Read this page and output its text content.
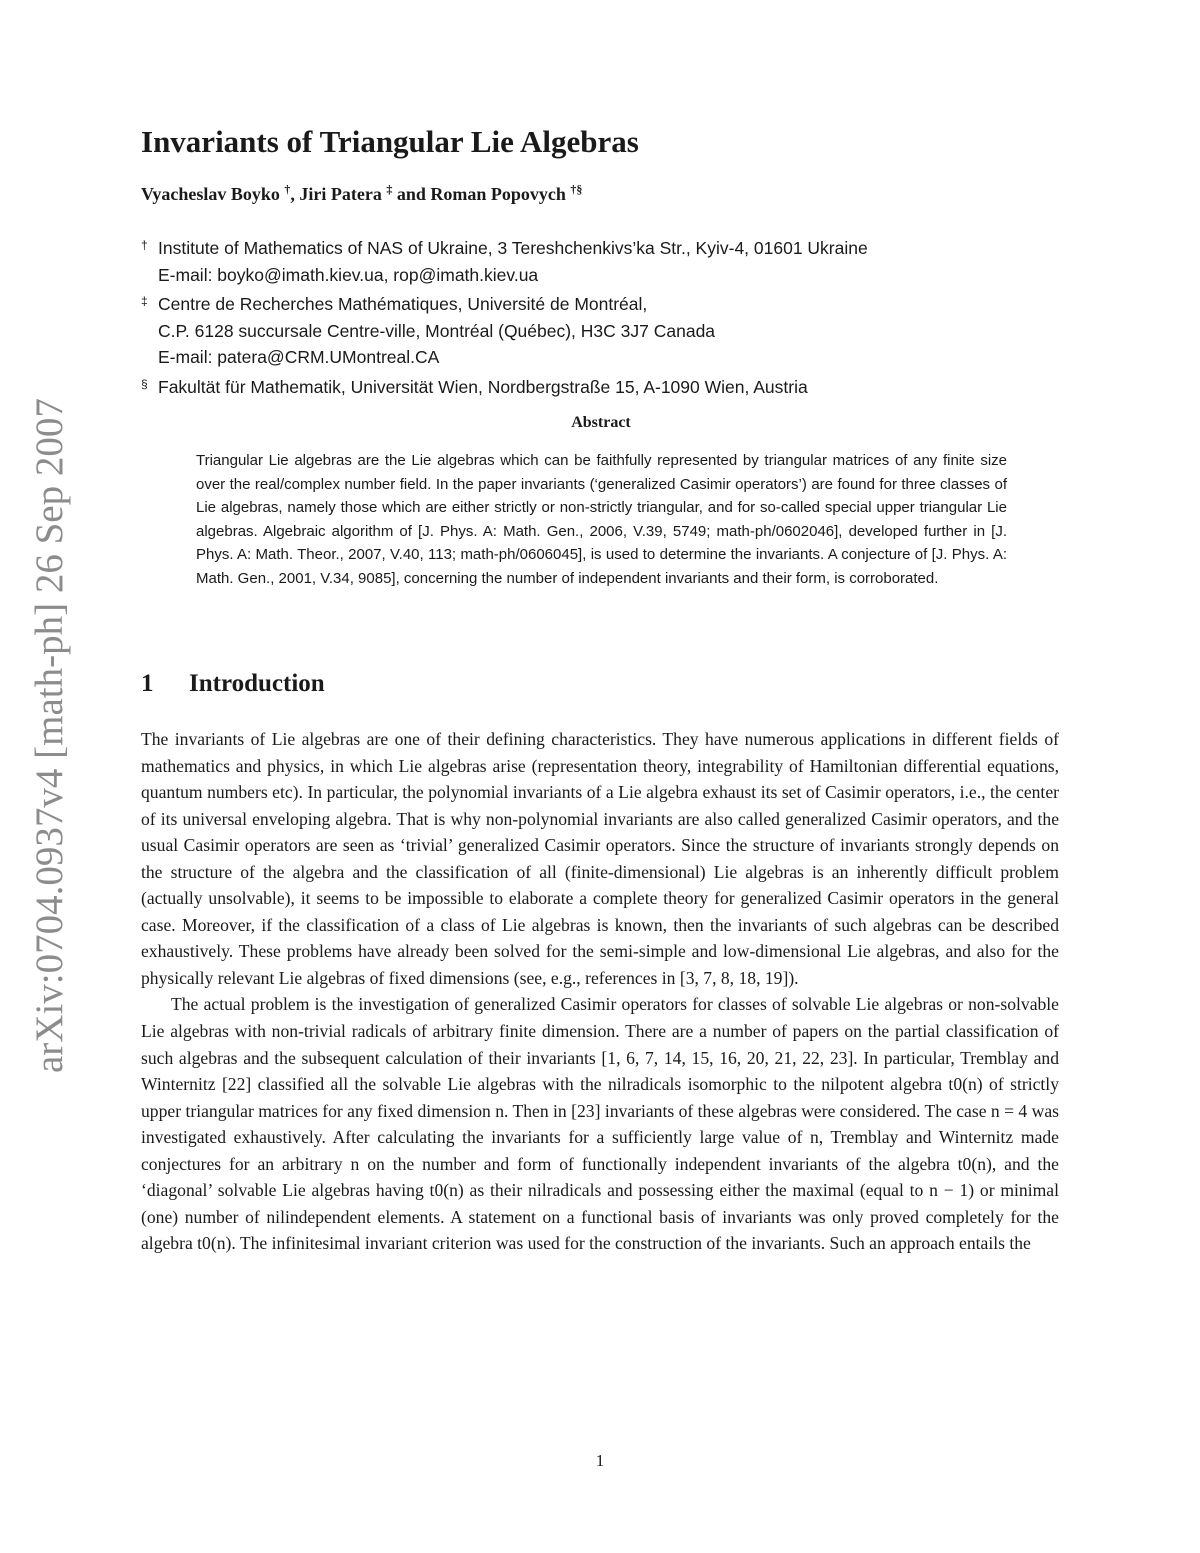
arXiv:0704.0937v4 [math-ph] 26 Sep 2007
Invariants of Triangular Lie Algebras
Vyacheslav Boyko †, Jiri Patera ‡ and Roman Popovych †§
† Institute of Mathematics of NAS of Ukraine, 3 Tereshchenkivs’ka Str., Kyiv-4, 01601 Ukraine
E-mail: boyko@imath.kiev.ua, rop@imath.kiev.ua
‡ Centre de Recherches Mathématiques, Université de Montréal,
C.P. 6128 succursale Centre-ville, Montréal (Québec), H3C 3J7 Canada
E-mail: patera@CRM.UMontreal.CA
§ Fakultät für Mathematik, Universität Wien, Nordbergstraße 15, A-1090 Wien, Austria
Abstract

Triangular Lie algebras are the Lie algebras which can be faithfully represented by triangular matrices of any finite size over the real/complex number field. In the paper invariants (‘generalized Casimir operators’) are found for three classes of Lie algebras, namely those which are either strictly or non-strictly triangular, and for so-called special upper triangular Lie algebras. Algebraic algorithm of [J. Phys. A: Math. Gen., 2006, V.39, 5749; math-ph/0602046], developed further in [J. Phys. A: Math. Theor., 2007, V.40, 113; math-ph/0606045], is used to determine the invariants. A conjecture of [J. Phys. A: Math. Gen., 2001, V.34, 9085], concerning the number of independent invariants and their form, is corroborated.

1 Introduction

The invariants of Lie algebras are one of their defining characteristics. They have numerous applications in different fields of mathematics and physics, in which Lie algebras arise (representation theory, integrability of Hamiltonian differential equations, quantum numbers etc). In particular, the polynomial invariants of a Lie algebra exhaust its set of Casimir operators, i.e., the center of its universal enveloping algebra. That is why non-polynomial invariants are also called generalized Casimir operators, and the usual Casimir operators are seen as ‘trivial’ generalized Casimir operators. Since the structure of invariants strongly depends on the structure of the algebra and the classification of all (finite-dimensional) Lie algebras is an inherently difficult problem (actually unsolvable), it seems to be impossible to elaborate a complete theory for generalized Casimir operators in the general case. Moreover, if the classification of a class of Lie algebras is known, then the invariants of such algebras can be described exhaustively. These problems have already been solved for the semi-simple and low-dimensional Lie algebras, and also for the physically relevant Lie algebras of fixed dimensions (see, e.g., references in [3, 7, 8, 18, 19]).

The actual problem is the investigation of generalized Casimir operators for classes of solvable Lie algebras or non-solvable Lie algebras with non-trivial radicals of arbitrary finite dimension. There are a number of papers on the partial classification of such algebras and the subsequent calculation of their invariants [1, 6, 7, 14, 15, 16, 20, 21, 22, 23]. In particular, Tremblay and Winternitz [22] classified all the solvable Lie algebras with the nilradicals isomorphic to the nilpotent algebra t0(n) of strictly upper triangular matrices for any fixed dimension n. Then in [23] invariants of these algebras were considered. The case n = 4 was investigated exhaustively. After calculating the invariants for a sufficiently large value of n, Tremblay and Winternitz made conjectures for an arbitrary n on the number and form of functionally independent invariants of the algebra t0(n), and the ‘diagonal’ solvable Lie algebras having t0(n) as their nilradicals and possessing either the maximal (equal to n − 1) or minimal (one) number of nilindependent elements. A statement on a functional basis of invariants was only proved completely for the algebra t0(n). The infinitesimal invariant criterion was used for the construction of the invariants. Such an approach entails the

1
